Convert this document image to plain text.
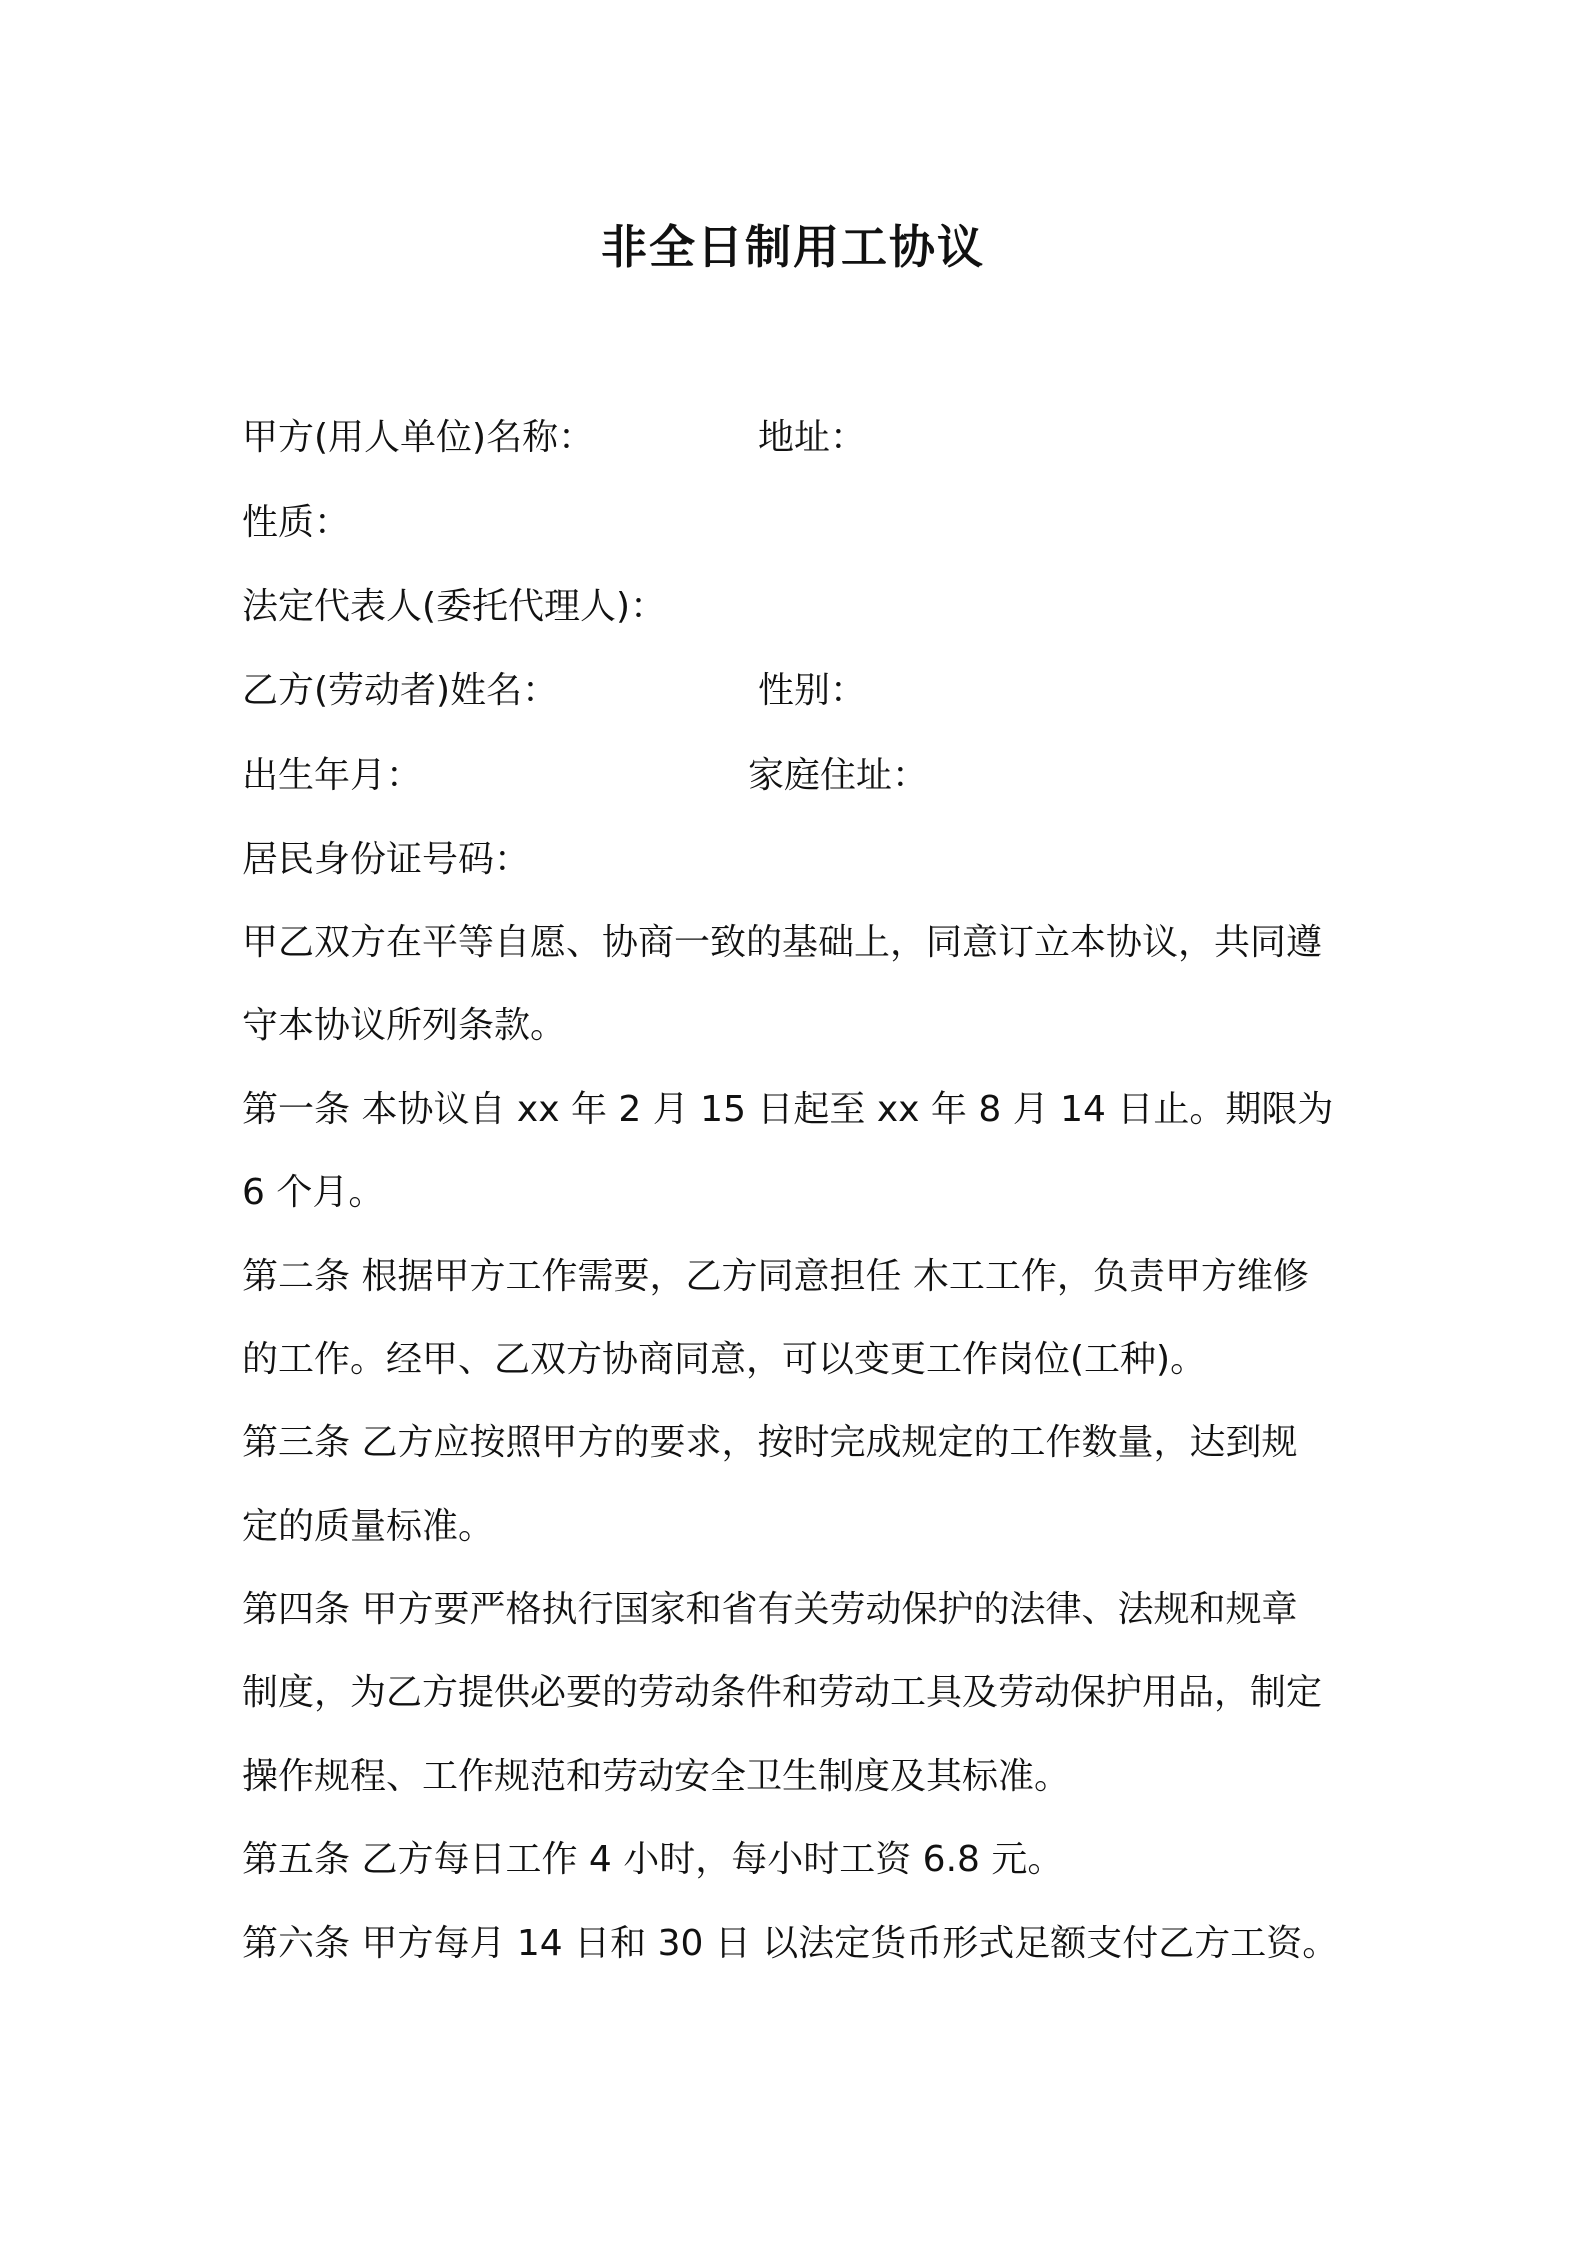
非全日制用工协议
甲方(用人单位)名称：	地址：
性质：
法定代表人(委托代理人)：
乙方(劳动者)姓名：	性别：
出生年月：	家庭住址：
居民身份证号码：
甲乙双方在平等自愿、协商一致的基础上，同意订立本协议，共同遵
守本协议所列条款。
第一条 本协议自 xx 年 2 月 15 日起至 xx 年 8 月 14 日止。期限为
6 个月。
第二条 根据甲方工作需要，乙方同意担任 木工工作，负责甲方维修
的工作。经甲、乙双方协商同意，可以变更工作岗位(工种)。
第三条 乙方应按照甲方的要求，按时完成规定的工作数量，达到规
定的质量标准。
第四条 甲方要严格执行国家和省有关劳动保护的法律、法规和规章
制度，为乙方提供必要的劳动条件和劳动工具及劳动保护用品，制定
操作规程、工作规范和劳动安全卫生制度及其标准。
第五条 乙方每日工作 4 小时，每小时工资 6.8 元。
第六条 甲方每月 14 日和 30 日 以法定货币形式足额支付乙方工资。
